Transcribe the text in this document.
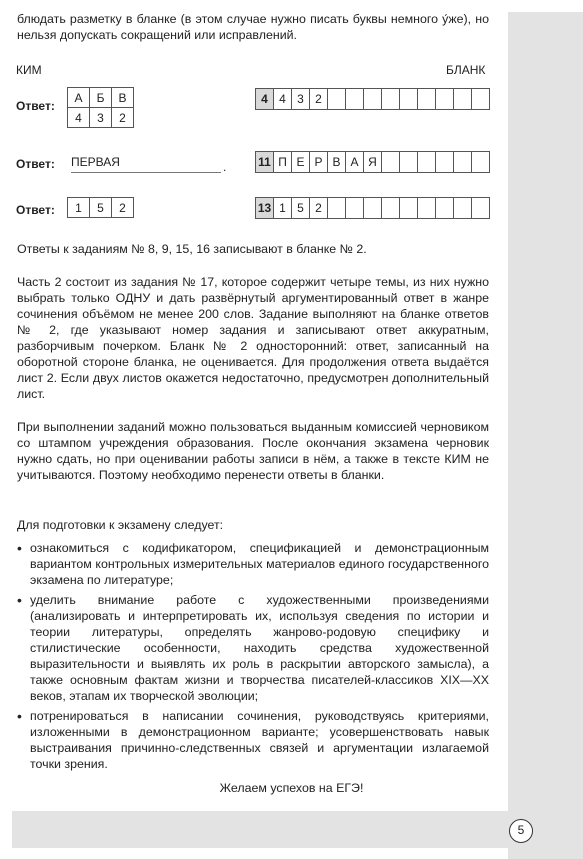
5

блюдать разметку в бланке (в этом случае нужно писать буквы немного у́же), но нельзя допускать сокращений или исправлений.

КИМ	БЛАНК
Ответ:
А	Б	В
4	3	2
4	4	3	2									
Ответ: ПЕРВАЯ	.	11	П	Е	Р	В	А	Я						
Ответ: 1	5	2	13	1	5	2									

Ответы к заданиям № 8, 9, 15, 16 записывают в бланке № 2.

Часть 2 состоит из задания № 17, которое содержит четыре темы, из них нужно выбрать только ОДНУ и дать развёрнутый аргументированный ответ в жанре сочинения объёмом не менее 200 слов. Задание выполняют на бланке ответов № 2, где указывают номер задания и записывают ответ аккуратным, разборчивым почерком. Бланк № 2 односторонний: ответ, записанный на оборотной стороне бланка, не оценивается. Для продолжения ответа выдаётся лист 2. Если двух листов окажется недостаточно, предусмотрен дополнительный лист.

При выполнении заданий можно пользоваться выданным комиссией черновиком со штампом учреждения образования. После окончания экзамена черновик нужно сдать, но при оценивании работы записи в нём, а также в тексте КИМ не учитываются. Поэтому необходимо перенести ответы в бланки.

Для подготовки к экзамену следует:

• ознакомиться с кодификатором, спецификацией и демонстрационным вариантом контрольных измерительных материалов единого государственного экзамена по литературе;
• уделить внимание работе с художественными произведениями (анализировать и интерпретировать их, используя сведения по истории и теории литературы, определять жанрово-родовую специфику и стилистические особенности, находить средства художественной выразительности и выявлять их роль в раскрытии авторского замысла), а также основным фактам жизни и творчества писателей-классиков XIX—XX веков, этапам их творческой эволюции;
• потренироваться в написании сочинения, руководствуясь критериями, изложенными в демонстрационном варианте; усовершенствовать навык выстраивания причинно-следственных связей и аргументации излагаемой точки зрения.
Желаем успехов на ЕГЭ!
